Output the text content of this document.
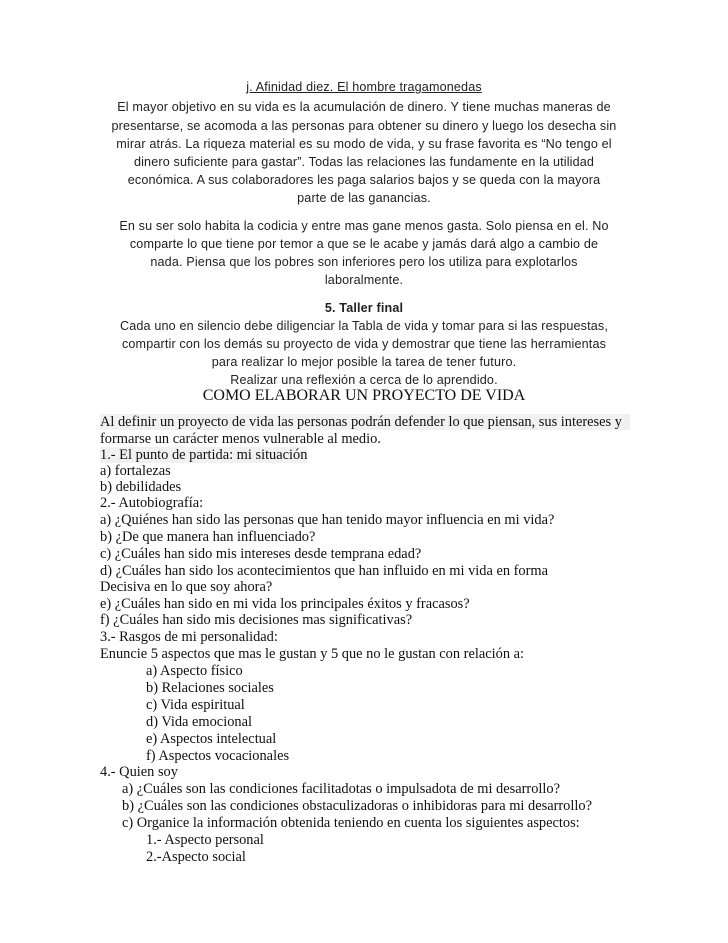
j. Afinidad diez. El hombre tragamonedas
El mayor objetivo en su vida es la acumulación de dinero. Y tiene muchas maneras de
presentarse, se acomoda a las personas para obtener su dinero y luego los desecha sin
mirar atrás. La riqueza material es su modo de vida, y su frase favorita es “No tengo el
dinero suficiente para gastar”. Todas las relaciones las fundamente en la utilidad
económica. A sus colaboradores les paga salarios bajos y se queda con la mayora
parte de las ganancias.
En su ser solo habita la codicia y entre mas gane menos gasta. Solo piensa en el. No
comparte lo que tiene por temor a que se le acabe y jamás dará algo a cambio de
nada. Piensa que los pobres son inferiores pero los utiliza para explotarlos
laboralmente.
5. Taller final
Cada uno en silencio debe diligenciar la Tabla de vida y tomar para si las respuestas,
compartir con los demás su proyecto de vida y demostrar que tiene las herramientas
para realizar lo mejor posible la tarea de tener futuro.
Realizar una reflexión a cerca de lo aprendido.
COMO ELABORAR UN PROYECTO DE VIDA
Al definir un proyecto de vida las personas podrán defender lo que piensan, sus intereses y
formarse un carácter menos vulnerable al medio.
1.- El punto de partida: mi situación
a) fortalezas
b) debilidades
2.- Autobiografía:
a) ¿Quiénes han sido las personas que han tenido mayor influencia en mi vida?
b) ¿De que manera han influenciado?
c) ¿Cuáles han sido mis intereses desde temprana edad?
d) ¿Cuáles han sido los acontecimientos que han influido en mi vida en forma
Decisiva en lo que soy ahora?
e) ¿Cuáles han sido en mi vida los principales éxitos y fracasos?
f) ¿Cuáles han sido mis decisiones mas significativas?
3.- Rasgos de mi personalidad:
Enuncie 5 aspectos que mas le gustan y 5 que no le gustan con relación a:
a) Aspecto físico
b) Relaciones sociales
c) Vida espiritual
d) Vida emocional
e) Aspectos intelectual
f) Aspectos vocacionales
4.- Quien soy
a) ¿Cuáles son las condiciones facilitadotas o impulsadota de mi desarrollo?
b) ¿Cuáles son las condiciones obstaculizadoras o inhibidoras para mi desarrollo?
c) Organice la información obtenida teniendo en cuenta los siguientes aspectos:
1.- Aspecto personal
2.-Aspecto social
